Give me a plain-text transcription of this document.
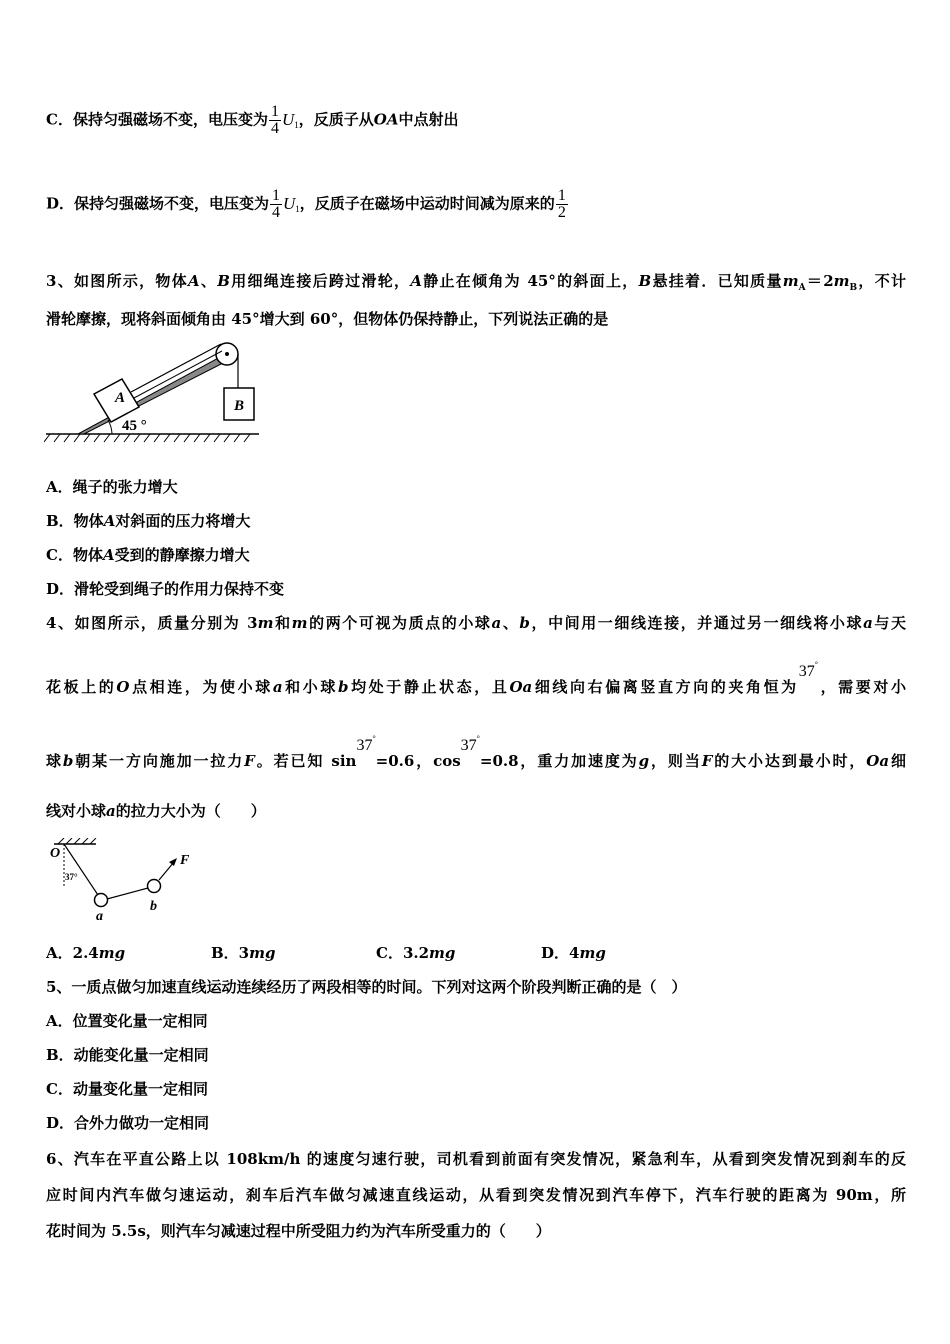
C．保持匀强磁场不变，电压变为 $\frac{1}{4} U_1$，反质子从OA中点射出
D．保持匀强磁场不变，电压变为 $\frac{1}{4} U_1$，反质子在磁场中运动时间减为原来的 $\frac{1}{2}$
3、如图所示，物体A、B用细绳连接后跨过滑轮，A静止在倾角为 45°的斜面上，B悬挂着．已知质量$m_A=2m_B$，不计
滑轮摩擦，现将斜面倾角由 45°增大到 60°，但物体仍保持静止，下列说法正确的是
A	B
45 °
A．绳子的张力增大
B．物体A对斜面的压力将增大
C．物体A受到的静摩擦力增大
D．滑轮受到绳子的作用力保持不变
4、如图所示，质量分别为 3m和m的两个可视为质点的小球a、b，中间用一细线连接，并通过另一细线将小球a与天
花板上的O点相连，为使小球a和小球b均处于静止状态，且Oa细线向右偏离竖直方向的夹角恒为37°，需要对小
球b朝某一方向施加一拉力F。若已知 sin37°=0.6，cos37°=0.8，重力加速度为g，则当F的大小达到最小时，Oa细
线对小球a的拉力大小为（　　）
O
37°
a
b
F
A．2.4mg	B．3mg	C．3.2mg	D．4mg
5、一质点做匀加速直线运动连续经历了两段相等的时间。下列对这两个阶段判断正确的是（　）
A．位置变化量一定相同
B．动能变化量一定相同
C．动量变化量一定相同
D．合外力做功一定相同
6、汽车在平直公路上以 108km/h 的速度匀速行驶，司机看到前面有突发情况，紧急利车，从看到突发情况到刹车的反
应时间内汽车做匀速运动，刹车后汽车做匀减速直线运动，从看到突发情况到汽车停下，汽车行驶的距离为 90m，所
花时间为 5.5s，则汽车匀减速过程中所受阻力约为汽车所受重力的（　　）
